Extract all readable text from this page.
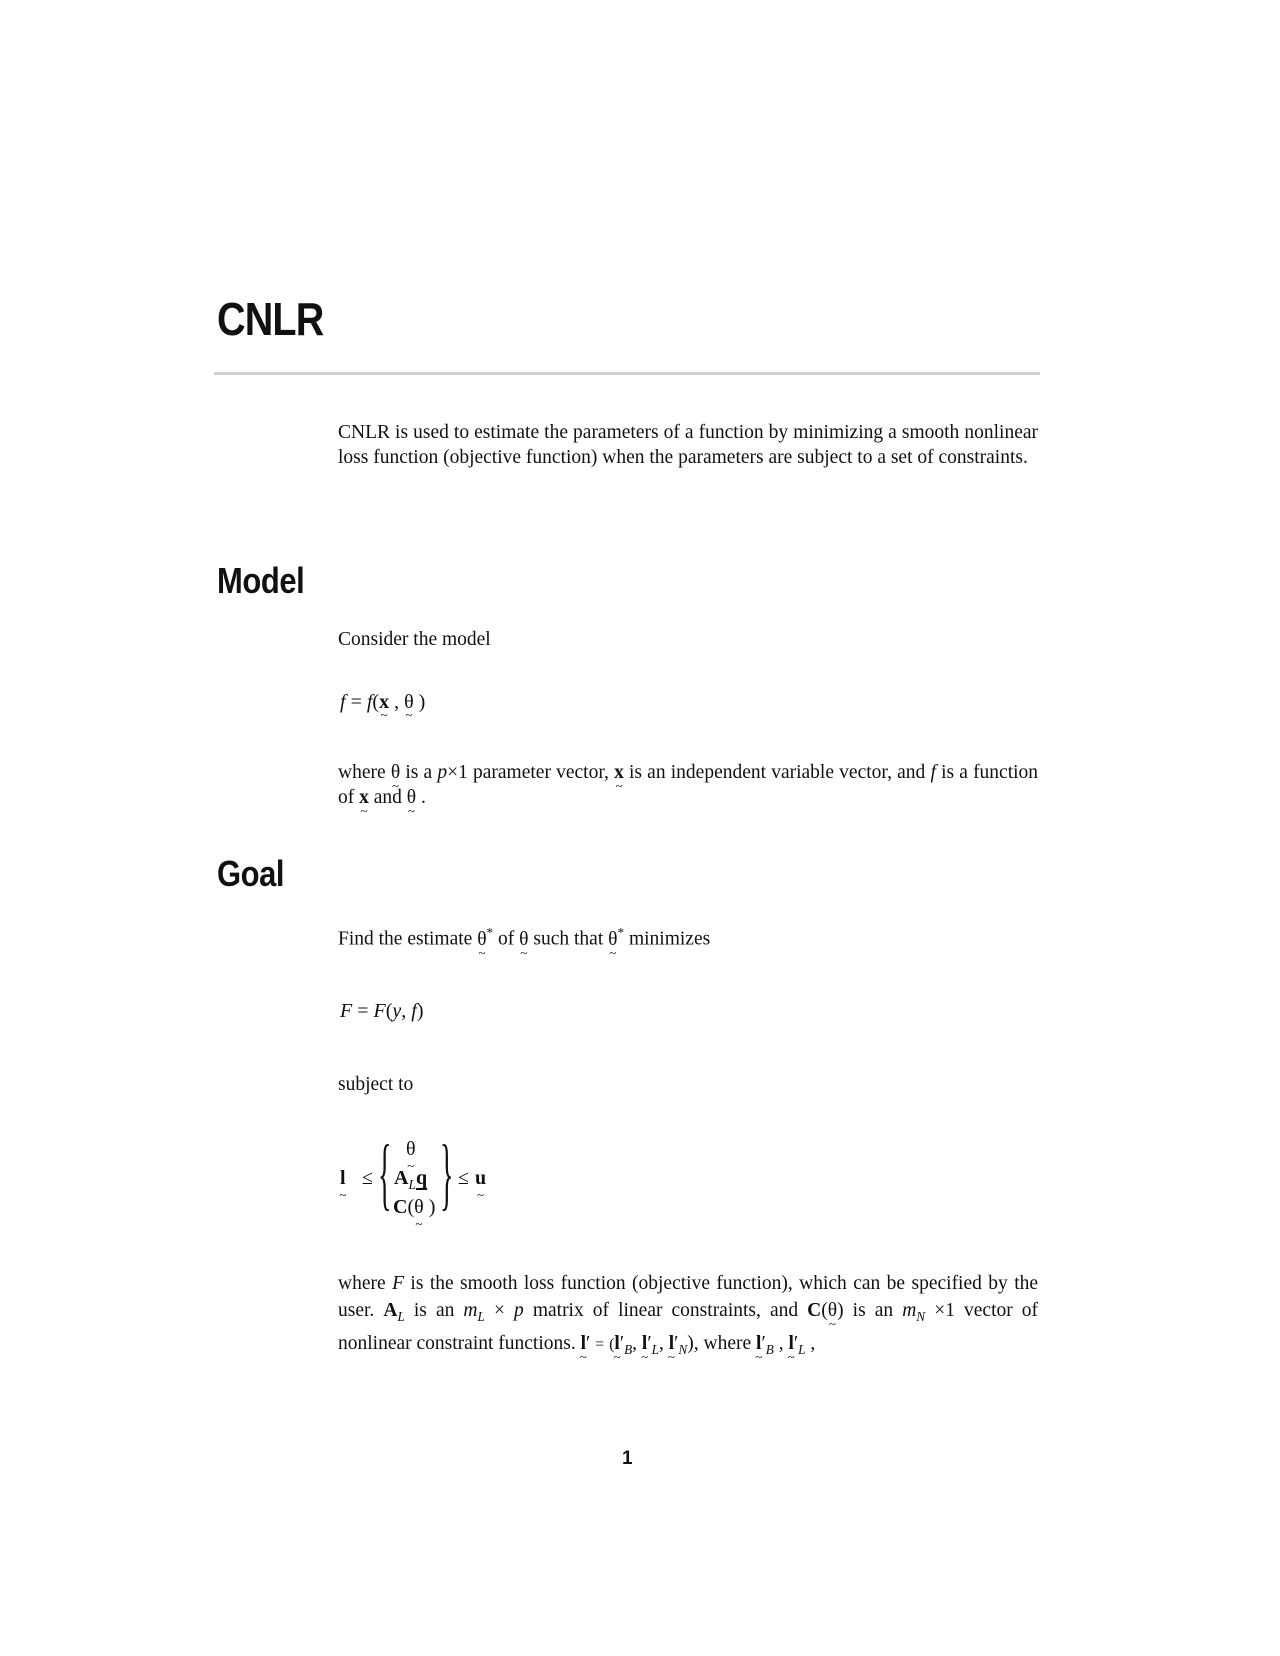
CNLR

CNLR is used to estimate the parameters of a function by minimizing a smooth nonlinear loss function (objective function) when the parameters are subject to a set of constraints.

Model

Consider the model

f = f(x ~ , θ ~ )

where θ ~ is a p×1 parameter vector, x ~ is an independent variable vector, and f is a function of x ~ and θ ~ .

Goal

Find the estimate θ ~* of θ ~ such that θ ~* minimizes

F = F(y, f)

subject to

l ~ ≤ { θ ~
$A_Lq$
C(θ ~ ) } ≤ u ~

where F is the smooth loss function (objective function), which can be specified by the user. $A_L$ is an $m_L \times p$ matrix of linear constraints, and C(θ ~) is an $m_N \times 1$ vector of nonlinear constraint functions. l ~′ = (l $\sim'_B$, l $\sim'_L$, l $\sim'_N$), where l $\sim'_B$ , l $\sim'_L$ ,

1
